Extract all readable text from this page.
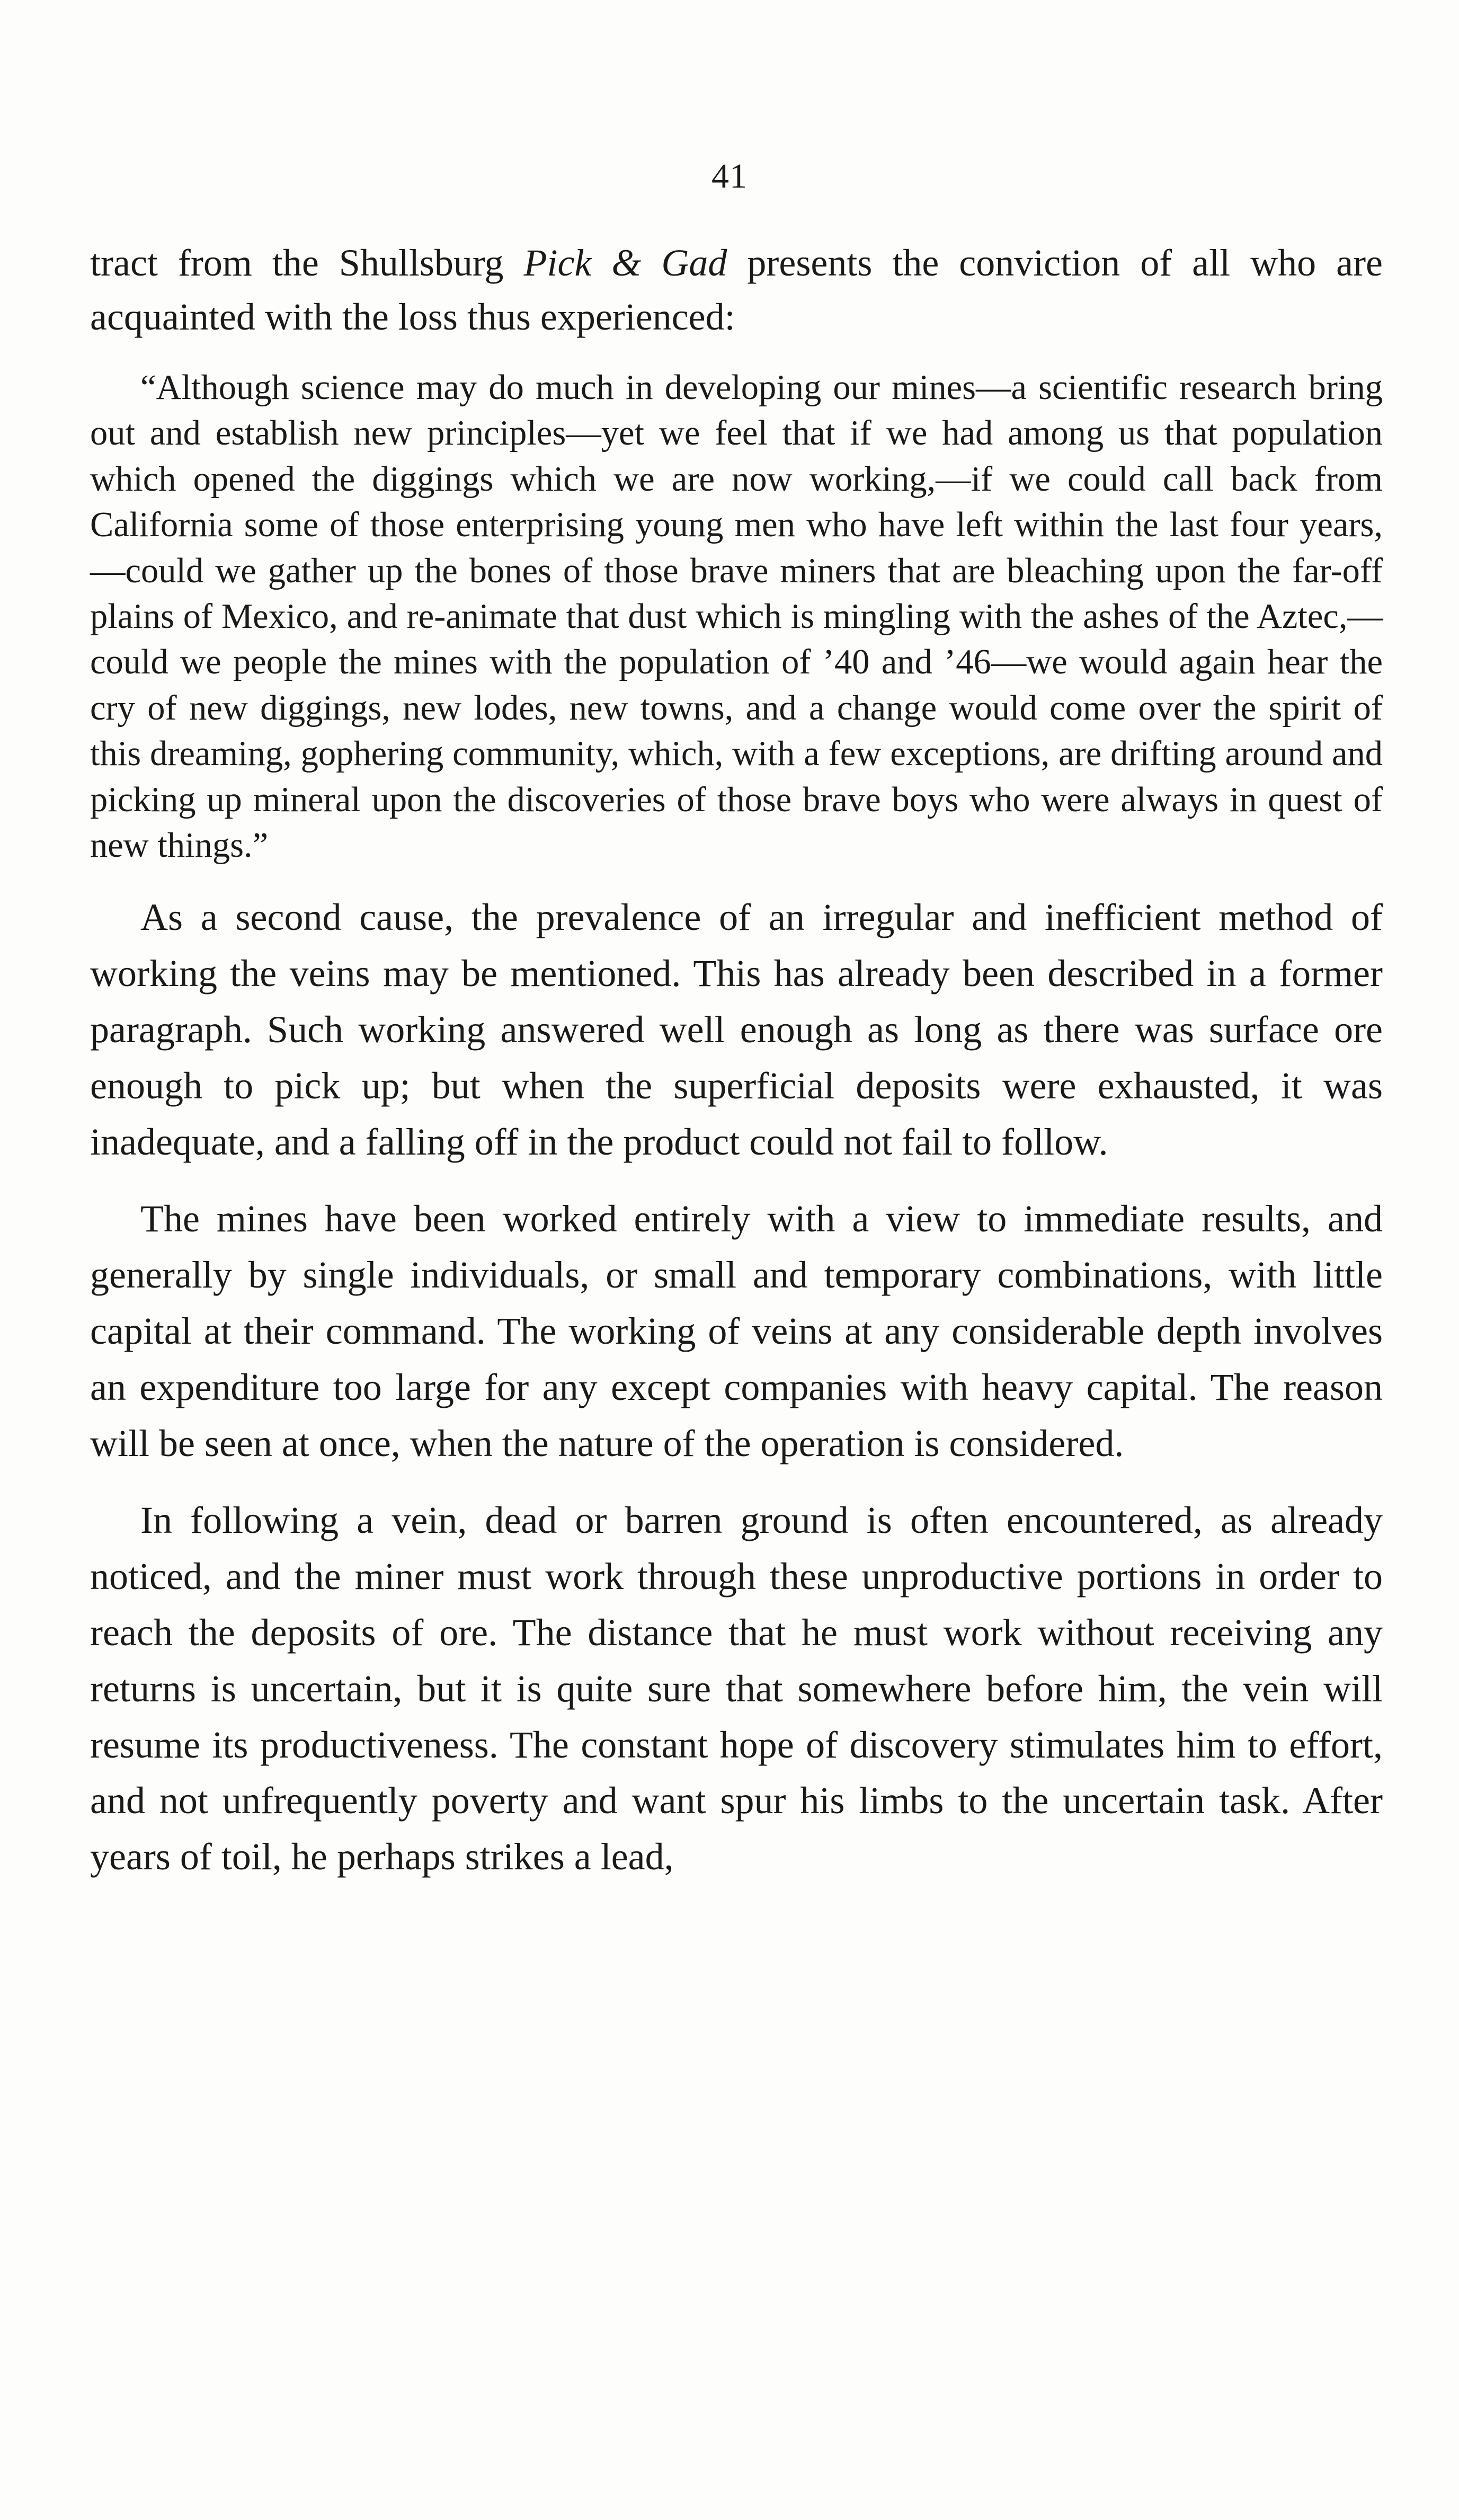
41

tract from the Shullsburg Pick & Gad presents the conviction of all who are acquainted with the loss thus experienced:

“Although science may do much in developing our mines—a scientific research bring out and establish new principles—yet we feel that if we had among us that population which opened the diggings which we are now working,—if we could call back from California some of those enterprising young men who have left within the last four years,—could we gather up the bones of those brave miners that are bleaching upon the far-off plains of Mexico, and re-animate that dust which is mingling with the ashes of the Aztec,—could we people the mines with the population of ’40 and ’46—we would again hear the cry of new diggings, new lodes, new towns, and a change would come over the spirit of this dreaming, gophering community, which, with a few exceptions, are drifting around and picking up mineral upon the discoveries of those brave boys who were always in quest of new things.”

As a second cause, the prevalence of an irregular and inefficient method of working the veins may be mentioned. This has already been described in a former paragraph. Such working answered well enough as long as there was surface ore enough to pick up; but when the superficial deposits were exhausted, it was inadequate, and a falling off in the product could not fail to follow.

The mines have been worked entirely with a view to immediate results, and generally by single individuals, or small and temporary combinations, with little capital at their command. The working of veins at any considerable depth involves an expenditure too large for any except companies with heavy capital. The reason will be seen at once, when the nature of the operation is considered.

In following a vein, dead or barren ground is often encountered, as already noticed, and the miner must work through these unproductive portions in order to reach the deposits of ore. The distance that he must work without receiving any returns is uncertain, but it is quite sure that somewhere before him, the vein will resume its productiveness. The constant hope of discovery stimulates him to effort, and not unfrequently poverty and want spur his limbs to the uncertain task. After years of toil, he perhaps strikes a lead,
